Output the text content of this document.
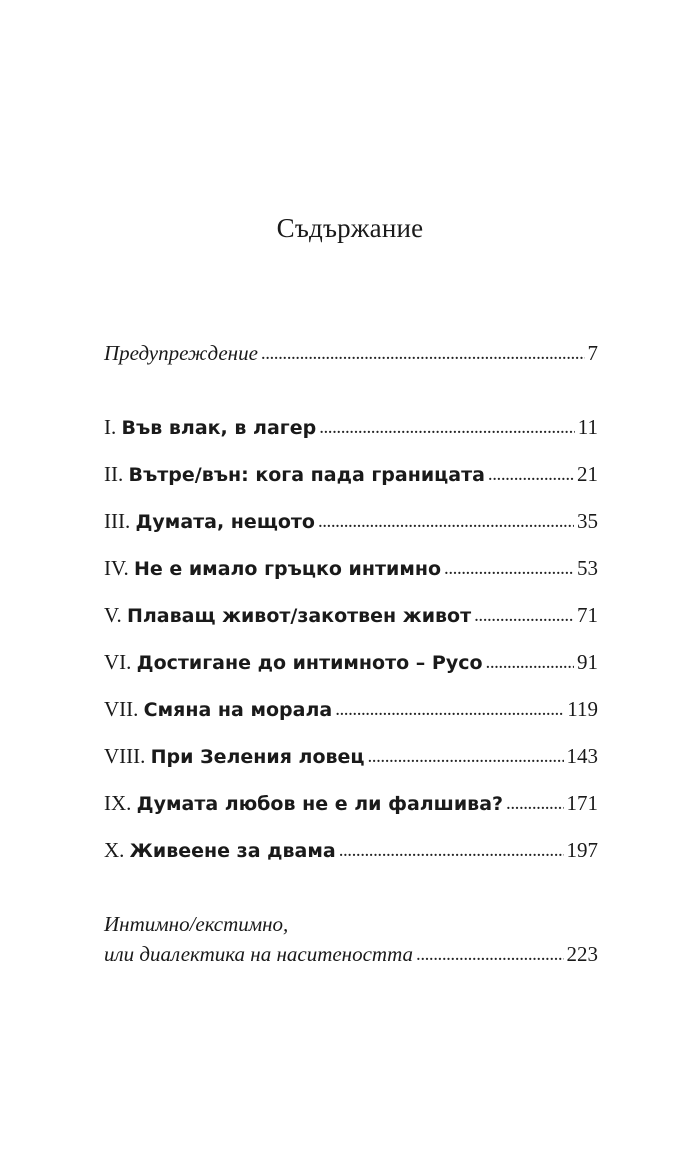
Съдържание
Предупреждение . . .	7
I. Във влак, в лагер . . .	11
II. Вътре/вън: кога пада границата . . .	21
III. Думата, нещото . . .	35
IV. Не е имало гръцко интимно . . .	53
V. Плаващ живот/закотвен живот . . .	71
VI. Достигане до интимното – Русо . . .	91
VII. Смяна на морала . . .	119
VIII. При Зеления ловец . . .	143
IX. Думата любов не е ли фалшива? . . .	171
X. Живеене за двама . . .	197
Интимно/екстимно,
или диалектика на наситеността . . .	223
